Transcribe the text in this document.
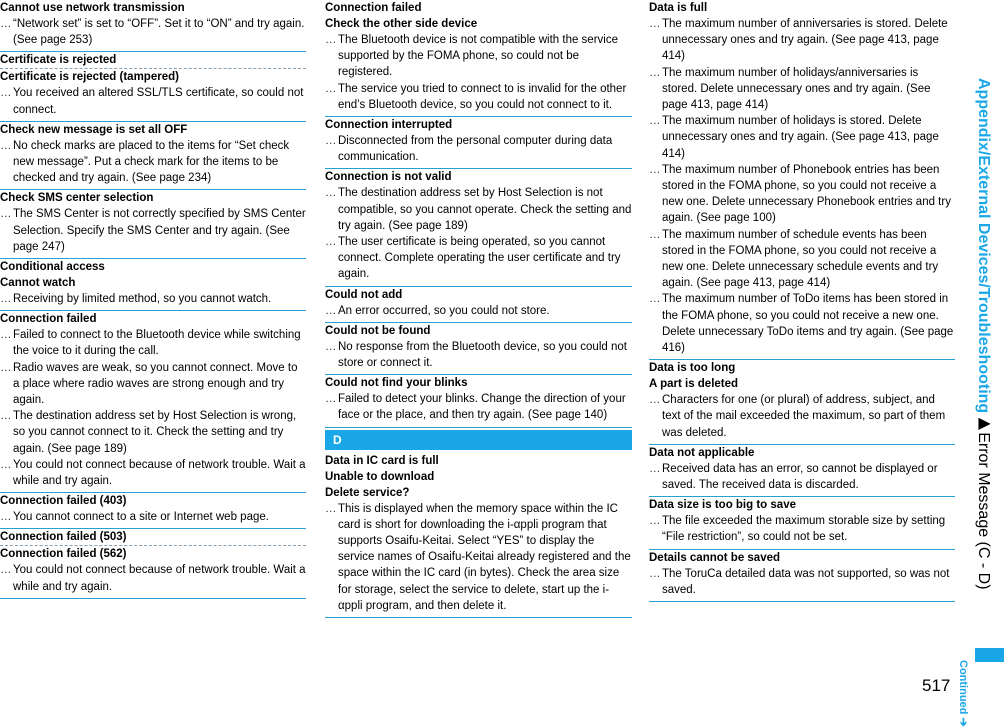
Cannot use network transmission

… “Network set” is set to “OFF”. Set it to “ON” and try again. (See page 253)

Certificate is rejected
Certificate is rejected (tampered)

… You received an altered SSL/TLS certificate, so could not connect.

Check new message is set all OFF

… No check marks are placed to the items for “Set check new message”. Put a check mark for the items to be checked and try again. (See page 234)

Check SMS center selection

… The SMS Center is not correctly specified by SMS Center Selection. Specify the SMS Center and try again. (See page 247)

Conditional access
Cannot watch

… Receiving by limited method, so you cannot watch.

Connection failed

… Failed to connect to the Bluetooth device while switching the voice to it during the call.

… Radio waves are weak, so you cannot connect. Move to a place where radio waves are strong enough and try again.

… The destination address set by Host Selection is wrong, so you cannot connect to it. Check the setting and try again. (See page 189)

… You could not connect because of network trouble. Wait a while and try again.

Connection failed (403)

… You cannot connect to a site or Internet web page.

Connection failed (503)
Connection failed (562)

… You could not connect because of network trouble. Wait a while and try again.

Connection failed
Check the other side device

… The Bluetooth device is not compatible with the service supported by the FOMA phone, so could not be registered.

… The service you tried to connect to is invalid for the other end’s Bluetooth device, so you could not connect to it.

Connection interrupted

… Disconnected from the personal computer during data communication.

Connection is not valid

… The destination address set by Host Selection is not compatible, so you cannot operate. Check the setting and try again. (See page 189)

… The user certificate is being operated, so you cannot connect. Complete operating the user certificate and try again.

Could not add

… An error occurred, so you could not store.

Could not be found

… No response from the Bluetooth device, so you could not store or connect it.

Could not find your blinks

… Failed to detect your blinks. Change the direction of your face or the place, and then try again. (See page 140)

D
Data in IC card is full
Unable to download
Delete service?

… This is displayed when the memory space within the IC card is short for downloading the i-αppli program that supports Osaifu-Keitai. Select “YES” to display the service names of Osaifu-Keitai already registered and the space within the IC card (in bytes). Check the area size for storage, select the service to delete, start up the i-αppli program, and then delete it.

Data is full

… The maximum number of anniversaries is stored. Delete unnecessary ones and try again. (See page 413, page 414)

… The maximum number of holidays/anniversaries is stored. Delete unnecessary ones and try again. (See page 413, page 414)

… The maximum number of holidays is stored. Delete unnecessary ones and try again. (See page 413, page 414)

… The maximum number of Phonebook entries has been stored in the FOMA phone, so you could not receive a new one. Delete unnecessary Phonebook entries and try again. (See page 100)

… The maximum number of schedule events has been stored in the FOMA phone, so you could not receive a new one. Delete unnecessary schedule events and try again. (See page 413, page 414)

… The maximum number of ToDo items has been stored in the FOMA phone, so you could not receive a new one. Delete unnecessary ToDo items and try again. (See page 416)

Data is too long
A part is deleted

… Characters for one (or plural) of address, subject, and text of the mail exceeded the maximum, so part of them was deleted.

Data not applicable

… Received data has an error, so cannot be displayed or saved. The received data is discarded.

Data size is too big to save

… The file exceeded the maximum storable size by setting “File restriction”, so could not be set.

Details cannot be saved

… The ToruCa detailed data was not supported, so was not saved.

Appendix/External Devices/Troubleshooting▶Error Message (C - D)
Continued ➔
517
